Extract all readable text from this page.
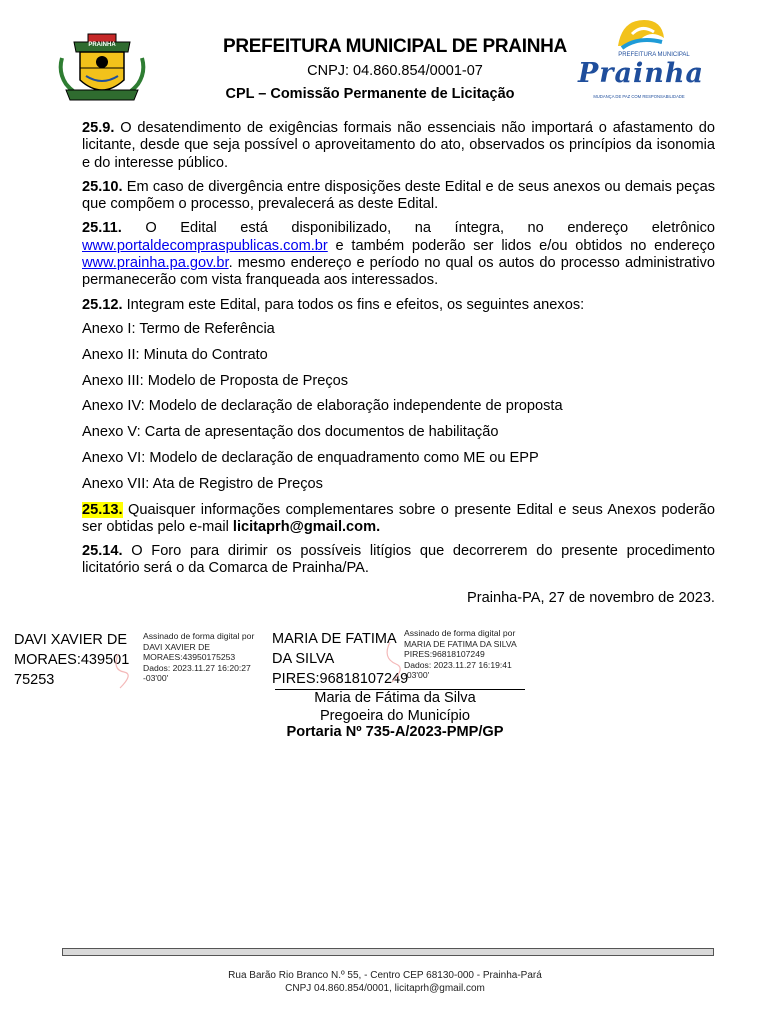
PRAINHA	PREFEITURA MUNICIPAL DE PRAINHA
CNPJ: 04.860.854/0001-07
CPL – Comissão Permanente de Licitação
PREFEITURA MUNICIPAL
Prainha
MUDANÇA DE PAZ COM RESPONSABILIDADE

25.9. O desatendimento de exigências formais não essenciais não importará o afastamento do licitante, desde que seja possível o aproveitamento do ato, observados os princípios da isonomia e do interesse público.

25.10. Em caso de divergência entre disposições deste Edital e de seus anexos ou demais peças que compõem o processo, prevalecerá as deste Edital.

25.11. O Edital está disponibilizado, na íntegra, no endereço eletrônico www.portaldecompraspublicas.com.br e também poderão ser lidos e/ou obtidos no endereço www.prainha.pa.gov.br. mesmo endereço e período no qual os autos do processo administrativo permanecerão com vista franqueada aos interessados.

25.12. Integram este Edital, para todos os fins e efeitos, os seguintes anexos:

Anexo I: Termo de Referência

Anexo II: Minuta do Contrato

Anexo III: Modelo de Proposta de Preços

Anexo IV: Modelo de declaração de elaboração independente de proposta

Anexo V: Carta de apresentação dos documentos de habilitação

Anexo VI: Modelo de declaração de enquadramento como ME ou EPP

Anexo VII: Ata de Registro de Preços

25.13. Quaisquer informações complementares sobre o presente Edital e seus Anexos poderão ser obtidas pelo e-mail licitaprh@gmail.com.

25.14. O Foro para dirimir os possíveis litígios que decorrerem do presente procedimento licitatório será o da Comarca de Prainha/PA.

Prainha-PA, 27 de novembro de 2023.
DAVI XAVIER DE
MORAES:439501
75253
Assinado de forma digital por
DAVI XAVIER DE
MORAES:43950175253
Dados: 2023.11.27 16:20:27
-03'00'
MARIA DE FATIMA
DA SILVA
PIRES:96818107249
Assinado de forma digital por
MARIA DE FATIMA DA SILVA
PIRES:96818107249
Dados: 2023.11.27 16:19:41
-03'00'
Maria de Fátima da Silva
Pregoeira do Município
Portaria Nº 735-A/2023-PMP/GP
Rua Barão Rio Branco N.º 55, - Centro CEP 68130-000 - Prainha-Pará
CNPJ 04.860.854/0001, licitaprh@gmail.com
